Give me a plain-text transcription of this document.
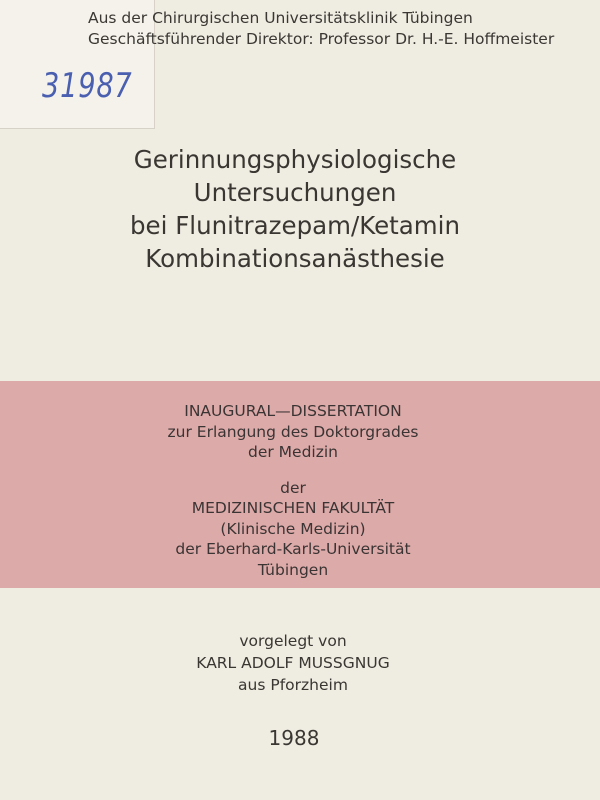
Aus der Chirurgischen Universitätsklinik Tübingen
Geschäftsführender Direktor: Professor Dr. H.-E. Hoffmeister
31987
Gerinnungsphysiologische
Untersuchungen
bei Flunitrazepam/Ketamin
Kombinationsanästhesie
INAUGURAL—DISSERTATION
zur Erlangung des Doktorgrades
der Medizin
der
MEDIZINISCHEN FAKULTÄT
(Klinische Medizin)
der Eberhard-Karls-Universität
Tübingen
vorgelegt von
KARL ADOLF MUSSGNUG
aus Pforzheim
1988
